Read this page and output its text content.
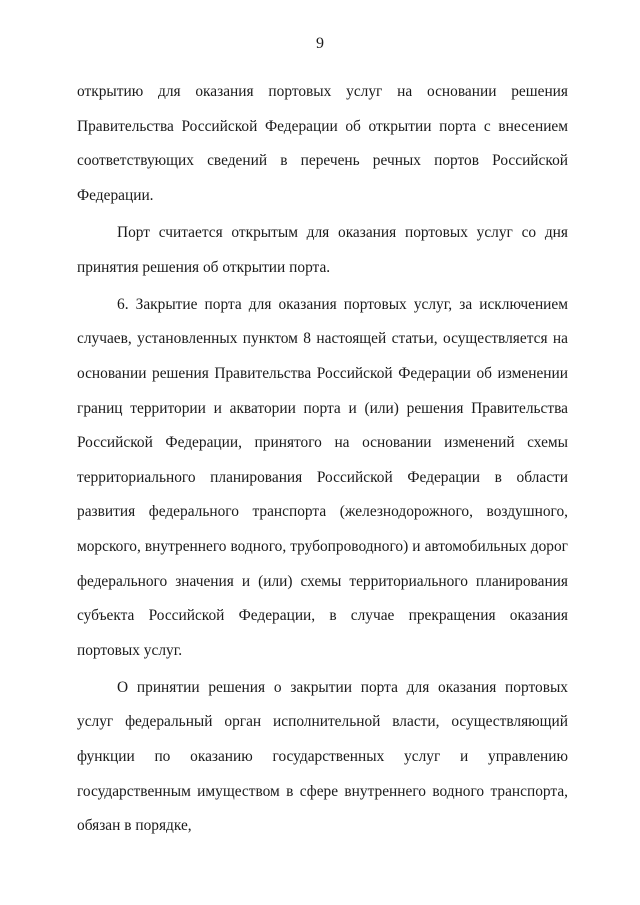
9

открытию для оказания портовых услуг на основании решения Правительства Российской Федерации об открытии порта с внесением соответствующих сведений в перечень речных портов Российской Федерации.

Порт считается открытым для оказания портовых услуг со дня принятия решения об открытии порта.

6. Закрытие порта для оказания портовых услуг, за исключением случаев, установленных пунктом 8 настоящей статьи, осуществляется на основании решения Правительства Российской Федерации об изменении границ территории и акватории порта и (или) решения Правительства Российской Федерации, принятого на основании изменений схемы территориального планирования Российской Федерации в области развития федерального транспорта (железнодорожного, воздушного, морского, внутреннего водного, трубопроводного) и автомобильных дорог федерального значения и (или) схемы территориального планирования субъекта Российской Федерации, в случае прекращения оказания портовых услуг.

О принятии решения о закрытии порта для оказания портовых услуг федеральный орган исполнительной власти, осуществляющий функции по оказанию государственных услуг и управлению государственным имуществом в сфере внутреннего водного транспорта, обязан в порядке,
